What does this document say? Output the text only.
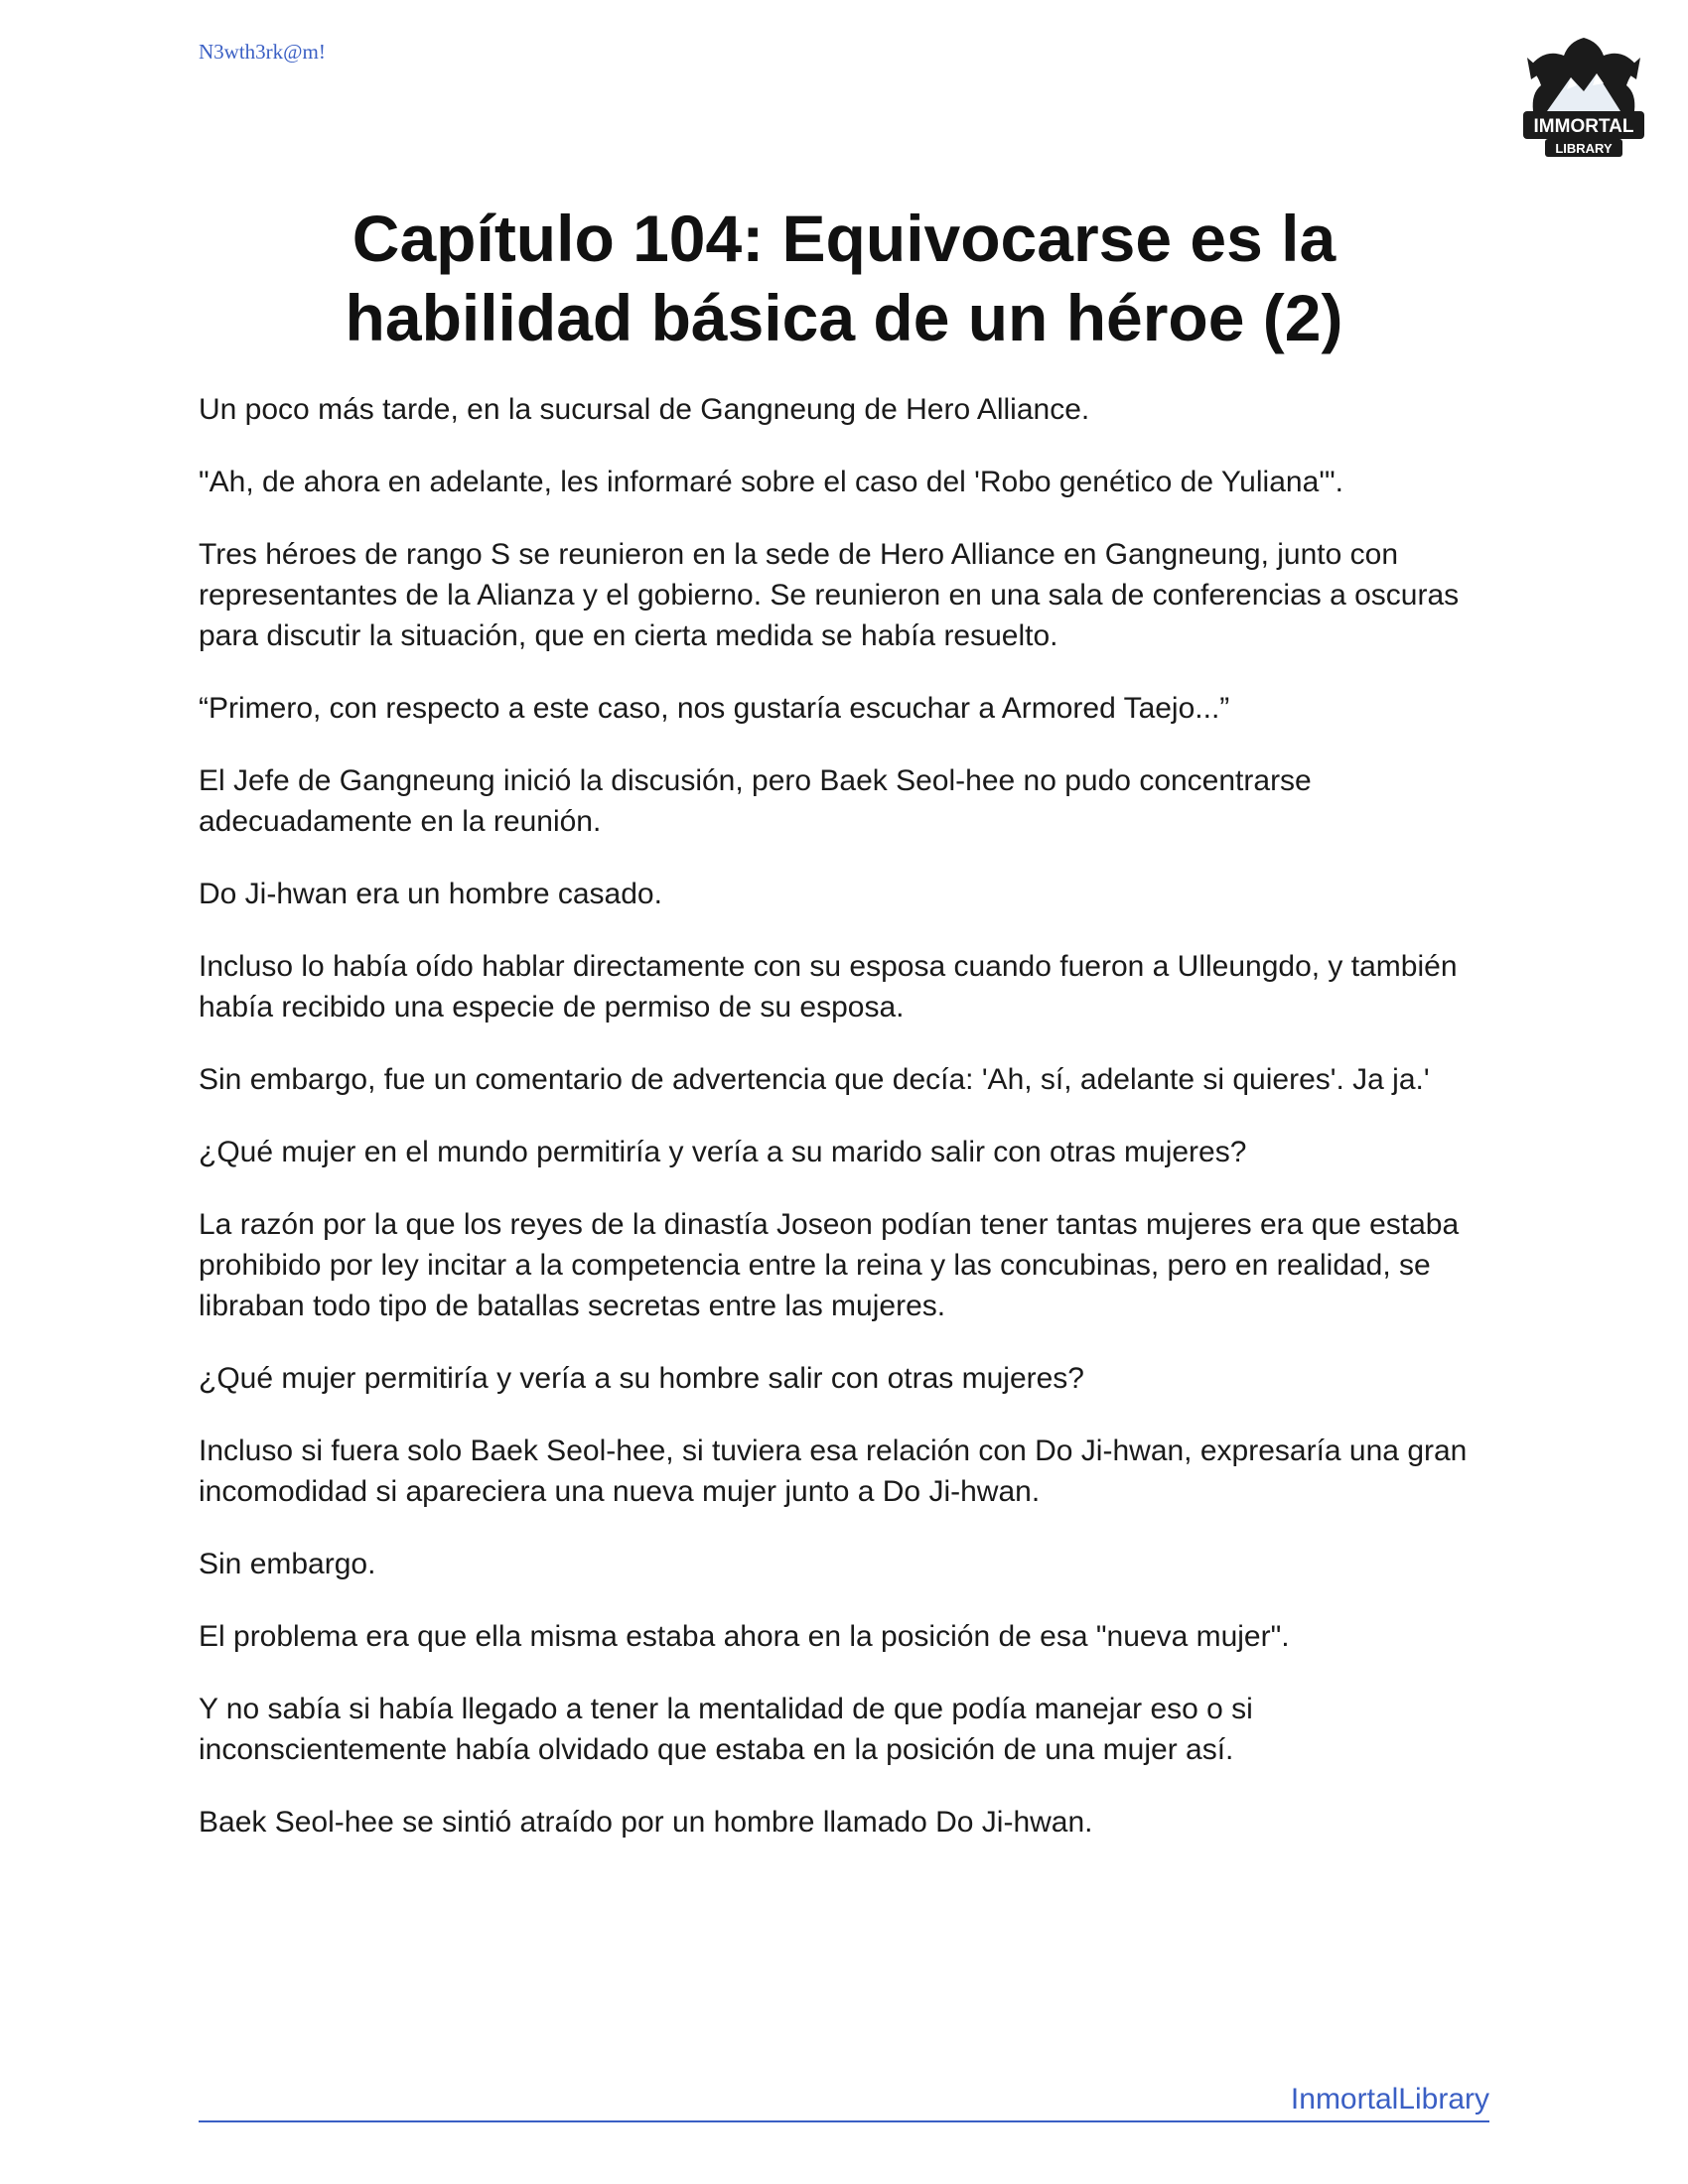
N3wth3rk@m!
IMMORTAL
LIBRARY
Capítulo 104: Equivocarse es la
habilidad básica de un héroe (2)

Un poco más tarde, en la sucursal de Gangneung de Hero Alliance.

"Ah, de ahora en adelante, les informaré sobre el caso del 'Robo genético de Yuliana'".

Tres héroes de rango S se reunieron en la sede de Hero Alliance en Gangneung, junto con representantes de la Alianza y el gobierno. Se reunieron en una sala de conferencias a oscuras para discutir la situación, que en cierta medida se había resuelto.

“Primero, con respecto a este caso, nos gustaría escuchar a Armored Taejo...”

El Jefe de Gangneung inició la discusión, pero Baek Seol-hee no pudo concentrarse adecuadamente en la reunión.

Do Ji-hwan era un hombre casado.

Incluso lo había oído hablar directamente con su esposa cuando fueron a Ulleungdo, y también había recibido una especie de permiso de su esposa.

Sin embargo, fue un comentario de advertencia que decía: 'Ah, sí, adelante si quieres'. Ja ja.'

¿Qué mujer en el mundo permitiría y vería a su marido salir con otras mujeres?

La razón por la que los reyes de la dinastía Joseon podían tener tantas mujeres era que estaba prohibido por ley incitar a la competencia entre la reina y las concubinas, pero en realidad, se libraban todo tipo de batallas secretas entre las mujeres.

¿Qué mujer permitiría y vería a su hombre salir con otras mujeres?

Incluso si fuera solo Baek Seol-hee, si tuviera esa relación con Do Ji-hwan, expresaría una gran incomodidad si apareciera una nueva mujer junto a Do Ji-hwan.

Sin embargo.

El problema era que ella misma estaba ahora en la posición de esa "nueva mujer".

Y no sabía si había llegado a tener la mentalidad de que podía manejar eso o si inconscientemente había olvidado que estaba en la posición de una mujer así.

Baek Seol-hee se sintió atraído por un hombre llamado Do Ji-hwan.

InmortalLibrary
